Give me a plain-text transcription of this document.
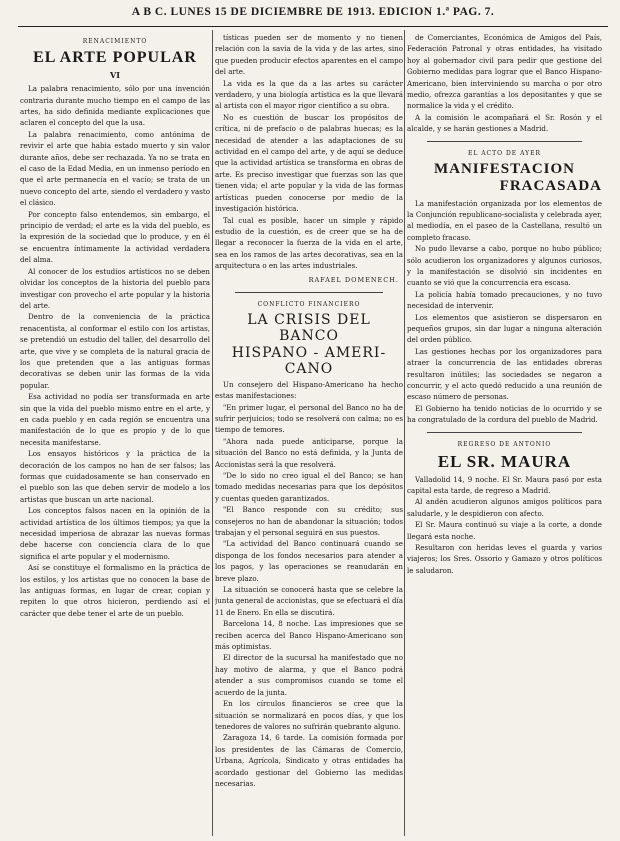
A B C. LUNES 15 DE DICIEMBRE DE 1913. EDICION 1.ª PAG. 7.
RENACIMIENTO
EL ARTE POPULAR
VI

La palabra renacimiento, sólo por una invención contraria durante mucho tiempo en el campo de las artes, ha sido definida mediante explicaciones que aclaren el concepto del que la usa.

La palabra renacimiento, como antónima de revivir el arte que habia estado muerto y sin valor durante años, debe ser rechazada. Ya no se trata en el caso de la Edad Media, en un inmenso período en que el arte permanecía en el vacío; se trata de un nuevo concepto del arte, siendo el verdadero y vasto el clásico.

Por concepto falso entendemos, sin embargo, el principio de verdad; el arte es la vida del pueblo, es la expresión de la sociedad que lo produce, y en él se encuentra íntimamente la actividad verdadera del alma.

Al conocer de los estudios artísticos no se deben olvidar los conceptos de la historia del pueblo para investigar con provecho el arte popular y la historia del arte.

Dentro de la conveniencia de la práctica renacentista, al conformar el estilo con los artistas, se pretendió un estudio del taller, del desarrollo del arte, que vive y se completa de la natural gracia de los que pretenden que a las antiguas formas decorativas se deben unir las formas de la vida popular.

Esa actividad no podía ser transformada en arte sin que la vida del pueblo mismo entre en el arte, y en cada pueblo y en cada región se encuentra una manifestación de lo que es propio y de lo que necesita manifestarse.

Los ensayos históricos y la práctica de la decoración de los campos no han de ser falsos; las formas que cuidadosamente se han conservado en el pueblo son las que deben servir de modelo a los artistas que buscan un arte nacional.

Los conceptos falsos nacen en la opinión de la actividad artística de los últimos tiempos; ya que la necesidad imperiosa de abrazar las nuevas formas debe hacerse con conciencia clara de lo que significa el arte popular y el modernismo.

Así se constituye el formalismo en la práctica de los estilos, y los artistas que no conocen la base de las antiguas formas, en lugar de crear, copian y repiten lo que otros hicieron, perdiendo así el carácter que debe tener el arte de un pueblo.

tísticas pueden ser de momento y no tienen relación con la savia de la vida y de las artes, sino que pueden producir efectos aparentes en el campo del arte.

La vida es la que da a las artes su carácter verdadero, y una biología artística es la que llevará al artista con el mayor rigor científico a su obra.

No es cuestión de buscar los propósitos de crítica, ni de prefacio o de palabras huecas; es la necesidad de atender a las adaptaciones de su actividad en el campo del arte, y de aquí se deduce que la actividad artística se transforma en obras de arte. Es preciso investigar que fuerzas son las que tienen vida; el arte popular y la vida de las formas artísticas pueden conocerse por medio de la investigación histórica.

Tal cual es posible, hacer un simple y rápido estudio de la cuestión, es de creer que se ha de llegar a reconocer la fuerza de la vida en el arte, sea en los ramos de las artes decorativas, sea en la arquitectura o en las artes industriales.

RAFAEL DOMENECH.
CONFLICTO FINANCIERO
LA CRISIS DEL BANCO
HISPANO - AMERI-
CANO

Un consejero del Hispano-Americano ha hecho estas manifestaciones:

"En primer lugar, el personal del Banco no ha de sufrir perjuicios; todo se resolverá con calma; no es tiempo de temores.

"Ahora nada puede anticiparse, porque la situación del Banco no está definida, y la Junta de Accionistas será la que resolverá.

"De lo sido no creo igual el del Banco; se han tomado medidas necesarias para que los depósitos y cuentas queden garantizados.

"El Banco responde con su crédito; sus consejeros no han de abandonar la situación; todos trabajan y el personal seguirá en sus puestos.

"La actividad del Banco continuará cuando se disponga de los fondos necesarios para atender a los pagos, y las operaciones se reanudarán en breve plazo.

La situación se conocerá hasta que se celebre la junta general de accionistas, que se efectuará el día 11 de Enero. En ella se discutirá.

Barcelona 14, 8 noche. Las impresiones que se reciben acerca del Banco Hispano-Americano son más optimistas.

El director de la sucursal ha manifestado que no hay motivo de alarma, y que el Banco podrá atender a sus compromisos cuando se tome el acuerdo de la junta.

En los círculos financieros se cree que la situación se normalizará en pocos días, y que los tenedores de valores no sufrirán quebranto alguno.

Zaragoza 14, 6 tarde. La comisión formada por los presidentes de las Cámaras de Comercio, Urbana, Agrícola, Sindicato y otras entidades ha acordado gestionar del Gobierno las medidas necesarias.

de Comerciantes, Económica de Amigos del País, Federación Patronal y otras entidades, ha visitado hoy al gobernador civil para pedir que gestione del Gobierno medidas para lograr que el Banco Hispano-Americano, bien interviniendo su marcha o por otro medio, ofrezca garantías a los depositantes y que se normalice la vida y el crédito.

A la comisión le acompañará el Sr. Rosón y el alcalde, y se harán gestiones a Madrid.

EL ACTO DE AYER
MANIFESTACION
FRACASADA

La manifestación organizada por los elementos de la Conjunción republicano-socialista y celebrada ayer, al mediodía, en el paseo de la Castellana, resultó un completo fracaso.

No pudo llevarse a cabo, porque no hubo público; sólo acudieron los organizadores y algunos curiosos, y la manifestación se disolvió sin incidentes en cuanto se vió que la concurrencia era escasa.

La policía había tomado precauciones, y no tuvo necesidad de intervenir.

Los elementos que asistieron se dispersaron en pequeños grupos, sin dar lugar a ninguna alteración del orden público.

Las gestiones hechas por los organizadores para atraer la concurrencia de las entidades obreras resultaron inútiles; las sociedades se negaron a concurrir, y el acto quedó reducido a una reunión de escaso número de personas.

El Gobierno ha tenido noticias de lo ocurrido y se ha congratulado de la cordura del pueblo de Madrid.

REGRESO DE ANTONIO
EL SR. MAURA

Valladolid 14, 9 noche. El Sr. Maura pasó por esta capital esta tarde, de regreso a Madrid.

Al andén acudieron algunos amigos políticos para saludarle, y le despidieron con afecto.

El Sr. Maura continuó su viaje a la corte, a donde llegará esta noche.

Resultaron con heridas leves el guarda y varios viajeros; los Sres. Ossorio y Gamazo y otros políticos le saludaron.
